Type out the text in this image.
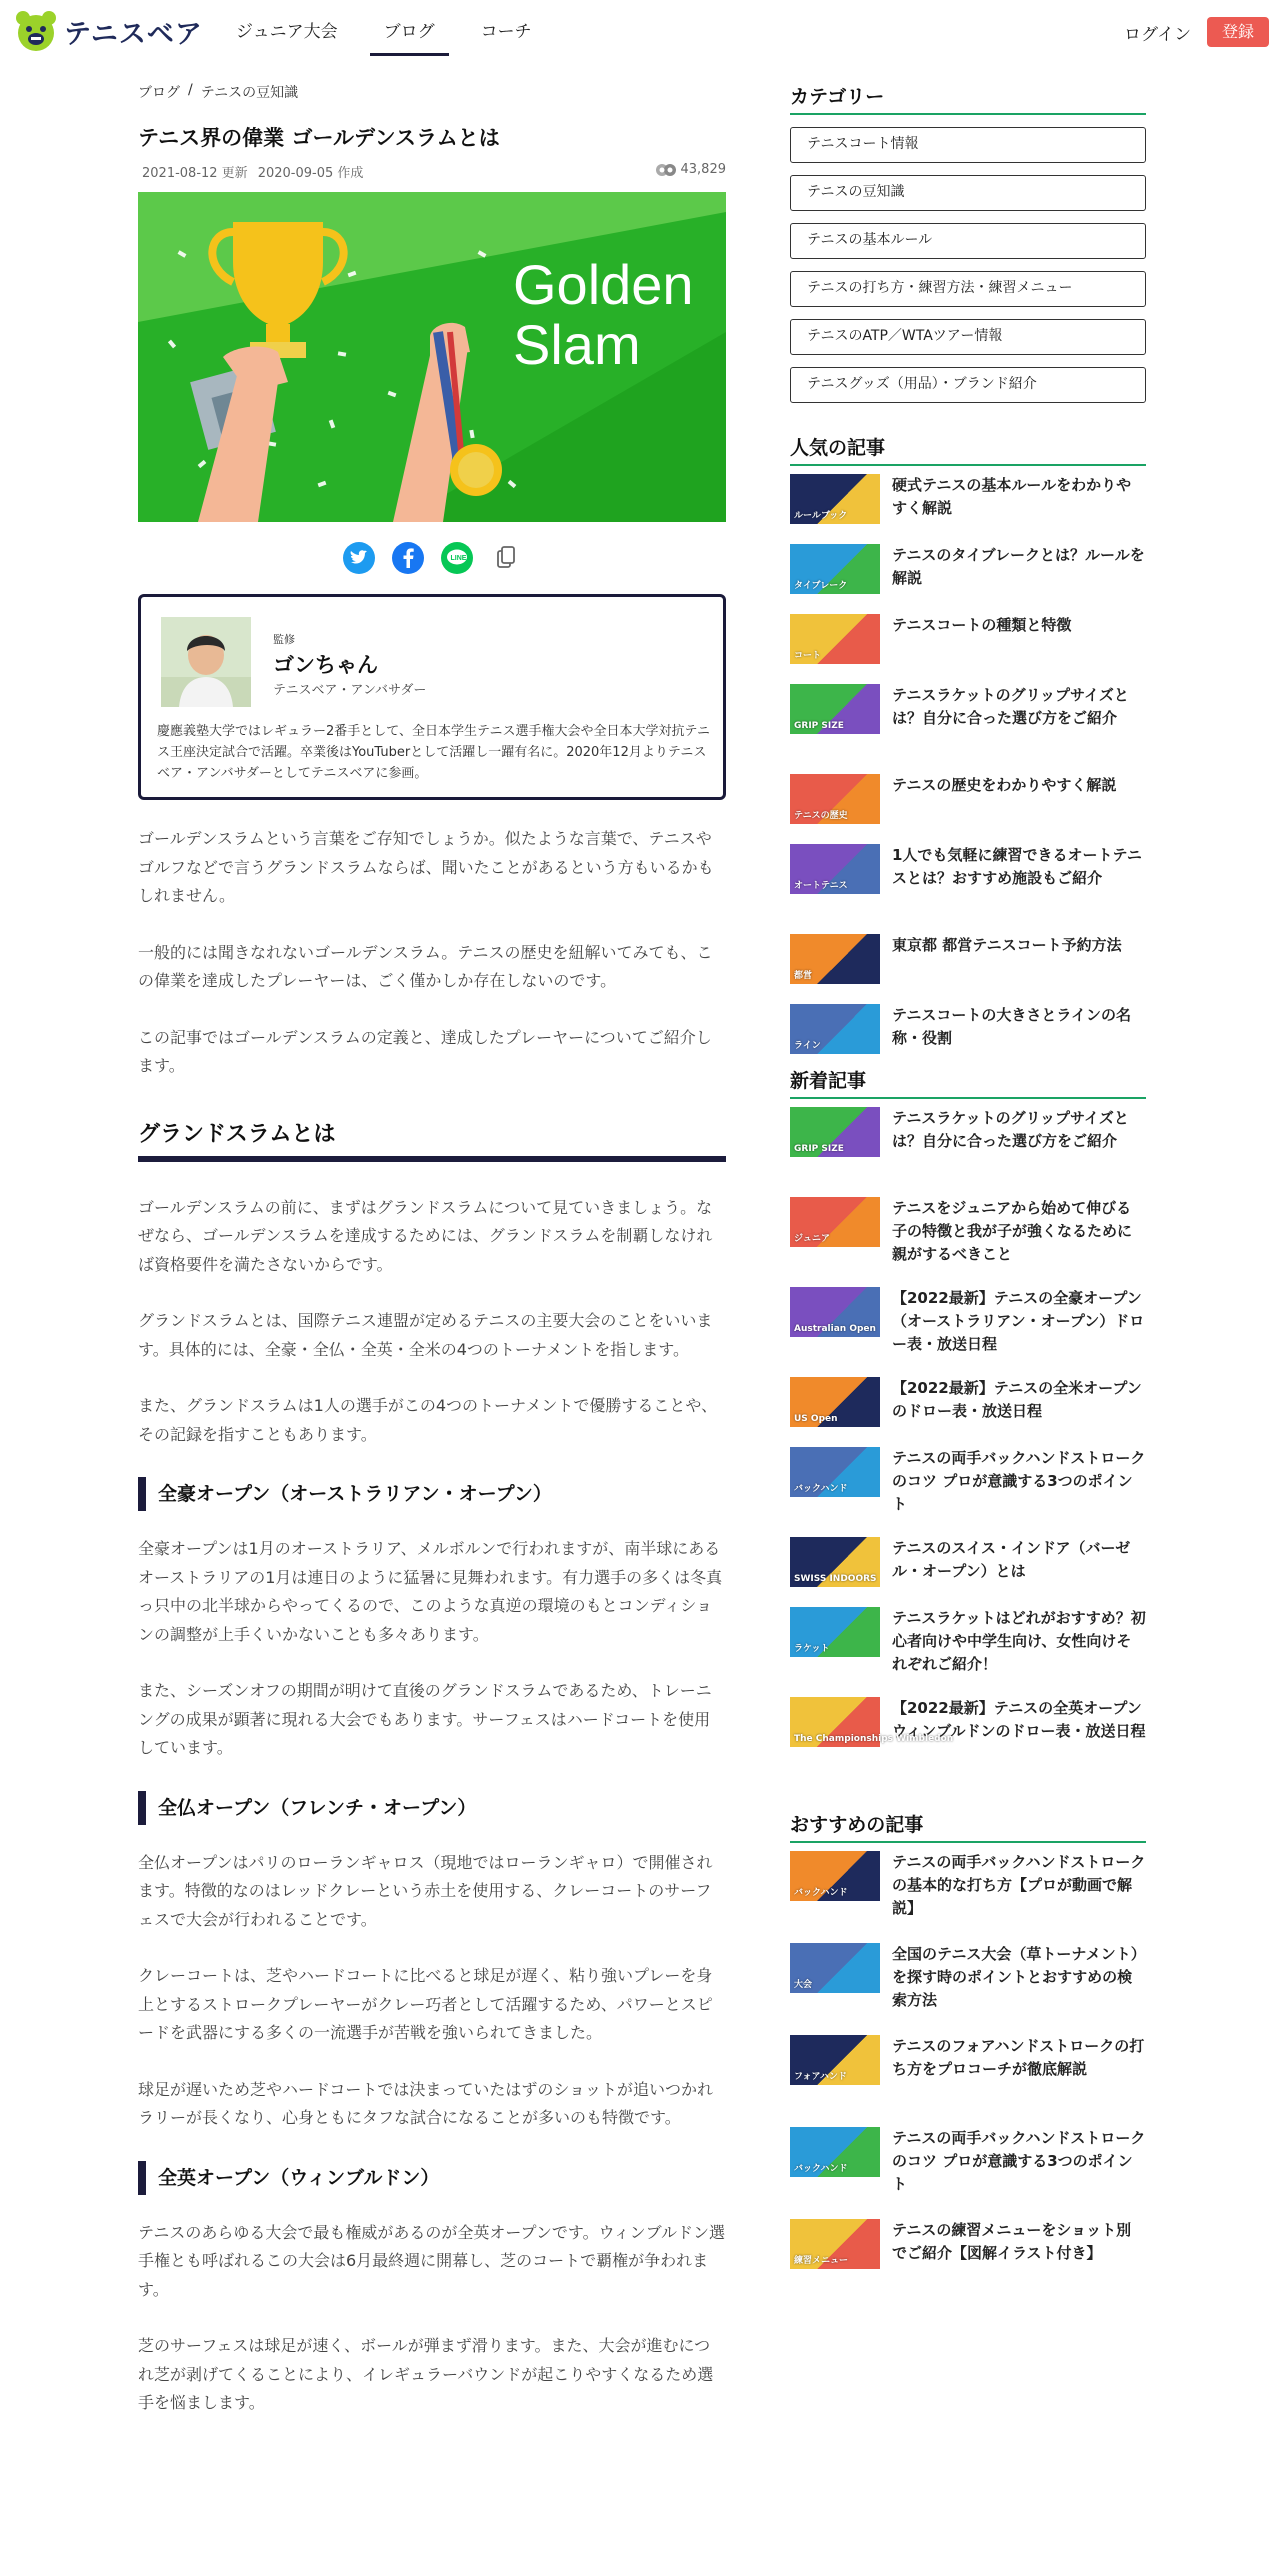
テニスベア	ジュニア大会	ブログ	コーチ	ログイン	登録
ブログ / テニスの豆知識
テニス界の偉業 ゴールデンスラムとは
2021-08-12 更新 2020-09-05 作成	43,829
Golden
Slam
LINE
監修
ゴンちゃん
テニスベア・アンバサダー
慶應義塾大学ではレギュラー2番手として、全日本学生テニス選手権大会や全日本大学対抗テニス王座決定試合で活躍。卒業後はYouTuberとして活躍し一躍有名に。2020年12月よりテニスベア・アンバサダーとしてテニスベアに参画。

ゴールデンスラムという言葉をご存知でしょうか。似たような言葉で、テニスやゴルフなどで言うグランドスラムならば、聞いたことがあるという方もいるかもしれません。

一般的には聞きなれないゴールデンスラム。テニスの歴史を紐解いてみても、この偉業を達成したプレーヤーは、ごく僅かしか存在しないのです。

この記事ではゴールデンスラムの定義と、達成したプレーヤーについてご紹介します。

グランドスラムとは

ゴールデンスラムの前に、まずはグランドスラムについて見ていきましょう。なぜなら、ゴールデンスラムを達成するためには、グランドスラムを制覇しなければ資格要件を満たさないからです。

グランドスラムとは、国際テニス連盟が定めるテニスの主要大会のことをいいます。具体的には、全豪・全仏・全英・全米の4つのトーナメントを指します。

また、グランドスラムは1人の選手がこの4つのトーナメントで優勝することや、その記録を指すこともあります。

全豪オープン（オーストラリアン・オープン）

全豪オープンは1月のオーストラリア、メルボルンで行われますが、南半球にあるオーストラリアの1月は連日のように猛暑に見舞われます。有力選手の多くは冬真っ只中の北半球からやってくるので、このような真逆の環境のもとコンディションの調整が上手くいかないことも多々あります。

また、シーズンオフの期間が明けて直後のグランドスラムであるため、トレーニングの成果が顕著に現れる大会でもあります。サーフェスはハードコートを使用しています。

全仏オープン（フレンチ・オープン）

全仏オープンはパリのローランギャロス（現地ではローランギャロ）で開催されます。特徴的なのはレッドクレーという赤土を使用する、クレーコートのサーフェスで大会が行われることです。

クレーコートは、芝やハードコートに比べると球足が遅く、粘り強いプレーを身上とするストロークプレーヤーがクレー巧者として活躍するため、パワーとスピードを武器にする多くの一流選手が苦戦を強いられてきました。

球足が遅いため芝やハードコートでは決まっていたはずのショットが追いつかれラリーが長くなり、心身ともにタフな試合になることが多いのも特徴です。

全英オープン（ウィンブルドン）

テニスのあらゆる大会で最も権威があるのが全英オープンです。ウィンブルドン選手権とも呼ばれるこの大会は6月最終週に開幕し、芝のコートで覇権が争われます。

芝のサーフェスは球足が速く、ボールが弾まず滑ります。また、大会が進むにつれ芝が剥げてくることにより、イレギュラーバウンドが起こりやすくなるため選手を悩まします。

カテゴリー
テニスコート情報
テニスの豆知識
テニスの基本ルール
テニスの打ち方・練習方法・練習メニュー
テニスのATP／WTAツアー情報
テニスグッズ（用品）・ブランド紹介
人気の記事
ルールブック
硬式テニスの基本ルールをわかりやすく解説
タイブレーク
テニスのタイブレークとは？ルールを解説
コート
テニスコートの種類と特徴
GRIP SIZE
テニスラケットのグリップサイズとは？自分に合った選び方をご紹介
テニスの歴史
テニスの歴史をわかりやすく解説
オートテニス
1人でも気軽に練習できるオートテニスとは？おすすめ施設もご紹介
都営
東京都 都営テニスコート予約方法
ライン
テニスコートの大きさとラインの名称・役割
新着記事
GRIP SIZE
テニスラケットのグリップサイズとは？自分に合った選び方をご紹介
ジュニア
テニスをジュニアから始めて伸びる子の特徴と我が子が強くなるために親がするべきこと
Australian Open
【2022最新】テニスの全豪オープン（オーストラリアン・オープン）ドロー表・放送日程
US Open
【2022最新】テニスの全米オープンのドロー表・放送日程
バックハンド
テニスの両手バックハンドストロークのコツ プロが意識する3つのポイント
SWISS INDOORS
テニスのスイス・インドア（バーゼル・オープン）とは
ラケット
テニスラケットはどれがおすすめ？初心者向けや中学生向け、女性向けそれぞれご紹介！
The Championships Wimbledon
【2022最新】テニスの全英オープン ウィンブルドンのドロー表・放送日程
おすすめの記事
バックハンド
テニスの両手バックハンドストロークの基本的な打ち方【プロが動画で解説】
大会
全国のテニス大会（草トーナメント）を探す時のポイントとおすすめの検索方法
フォアハンド
テニスのフォアハンドストロークの打ち方をプロコーチが徹底解説
バックハンド
テニスの両手バックハンドストロークのコツ プロが意識する3つのポイント
練習メニュー
テニスの練習メニューをショット別でご紹介【図解イラスト付き】
